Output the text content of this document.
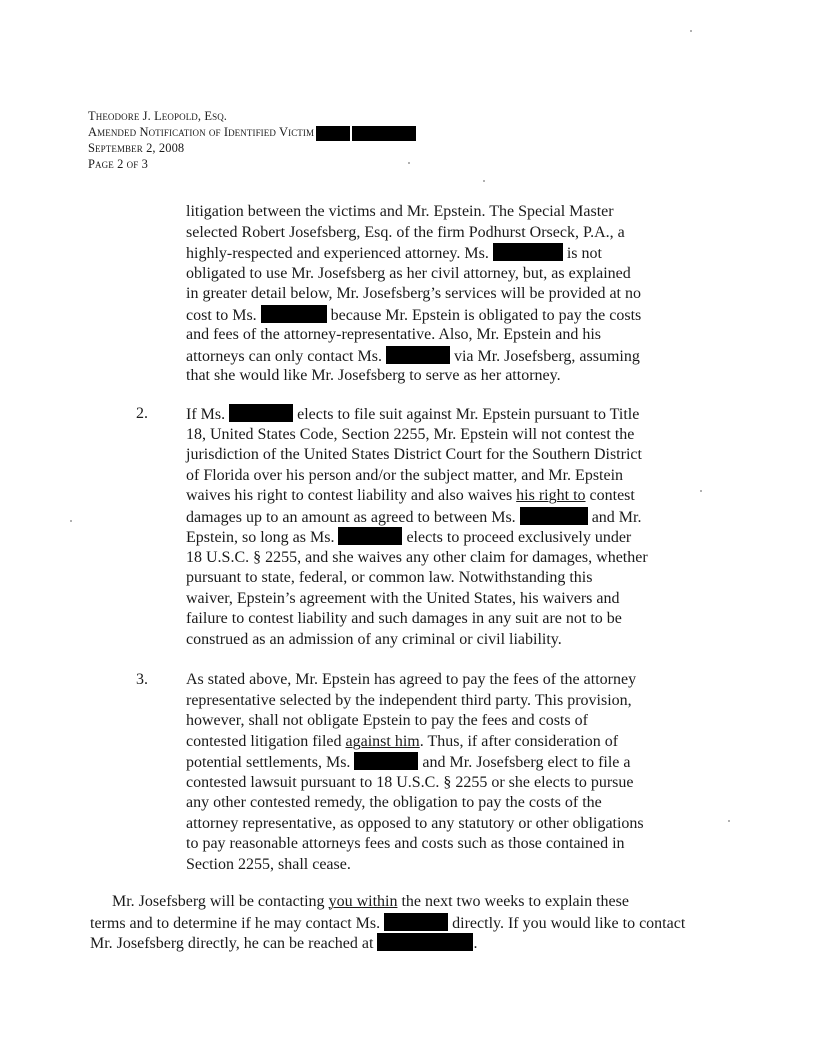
Theodore J. Leopold, Esq.
Amended Notification of Identified Victim
September 2, 2008
Page 2 of 3
litigation between the victims and Mr. Epstein. The Special Master
selected Robert Josefsberg, Esq. of the firm Podhurst Orseck, P.A., a
highly-respected and experienced attorney. Ms.	is not
obligated to use Mr. Josefsberg as her civil attorney, but, as explained
in greater detail below, Mr. Josefsberg’s services will be provided at no
cost to Ms.	because Mr. Epstein is obligated to pay the costs
and fees of the attorney-representative. Also, Mr. Epstein and his
attorneys can only contact Ms.	via Mr. Josefsberg, assuming
that she would like Mr. Josefsberg to serve as her attorney.
2. If Ms.	elects to file suit against Mr. Epstein pursuant to Title
18, United States Code, Section 2255, Mr. Epstein will not contest the
jurisdiction of the United States District Court for the Southern District
of Florida over his person and/or the subject matter, and Mr. Epstein
waives his right to contest liability and also waives his right to contest
damages up to an amount as agreed to between Ms.	and Mr.
Epstein, so long as Ms.	elects to proceed exclusively under
18 U.S.C. § 2255, and she waives any other claim for damages, whether
pursuant to state, federal, or common law. Notwithstanding this
waiver, Epstein’s agreement with the United States, his waivers and
failure to contest liability and such damages in any suit are not to be
construed as an admission of any criminal or civil liability.
3. As stated above, Mr. Epstein has agreed to pay the fees of the attorney
representative selected by the independent third party. This provision,
however, shall not obligate Epstein to pay the fees and costs of
contested litigation filed against him. Thus, if after consideration of
potential settlements, Ms.	and Mr. Josefsberg elect to file a
contested lawsuit pursuant to 18 U.S.C. § 2255 or she elects to pursue
any other contested remedy, the obligation to pay the costs of the
attorney representative, as opposed to any statutory or other obligations
to pay reasonable attorneys fees and costs such as those contained in
Section 2255, shall cease.
Mr. Josefsberg will be contacting you within the next two weeks to explain these
terms and to determine if he may contact Ms.	directly. If you would like to contact
Mr. Josefsberg directly, he can be reached at	.
